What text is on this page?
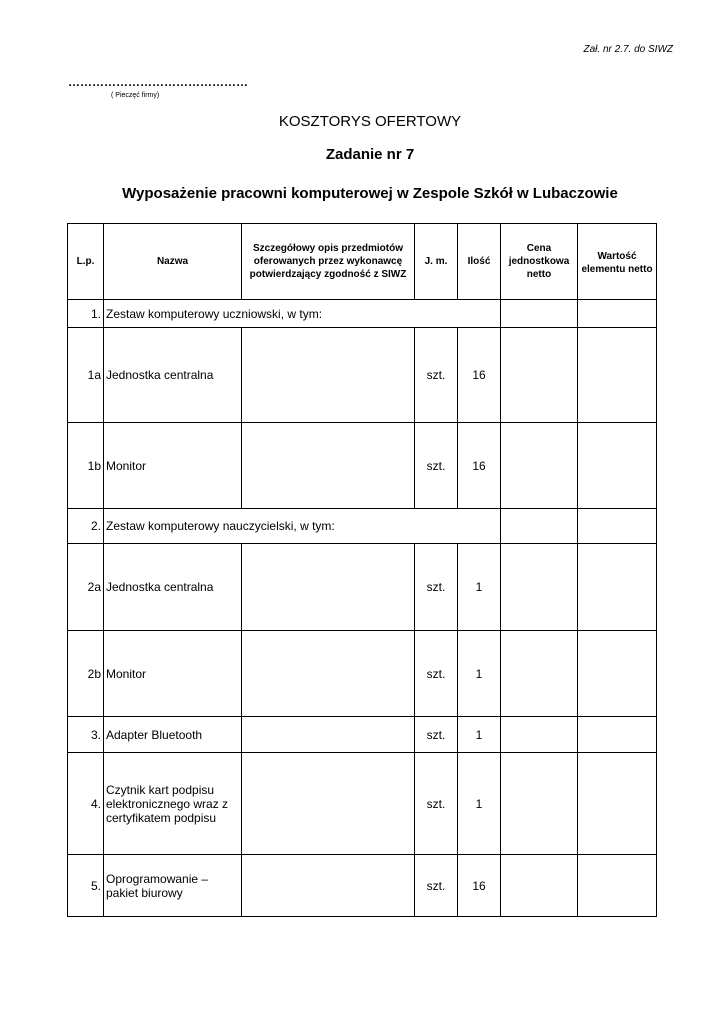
Zał. nr 2.7. do SIWZ
………………………………………
( Pieczęć firmy)
KOSZTORYS OFERTOWY
Zadanie nr 7
Wyposażenie pracowni komputerowej w Zespole Szkół w Lubaczowie
L.p.	Nazwa	Szczegółowy opis przedmiotów oferowanych przez wykonawcę potwierdzający zgodność z SIWZ	J. m.	Ilość	Cena jednostkowa netto	Wartość elementu netto
1.	Zestaw komputerowy uczniowski, w tym:					
1a	Jednostka centralna		szt.	16		
1b	Monitor		szt.	16		
2.	Zestaw komputerowy nauczycielski, w tym:					
2a	Jednostka centralna		szt.	1		
2b	Monitor		szt.	1		
3.	Adapter Bluetooth		szt.	1		
4.	Czytnik kart podpisu elektronicznego wraz z certyfikatem podpisu		szt.	1		
5.	Oprogramowanie – pakiet biurowy		szt.	16		
